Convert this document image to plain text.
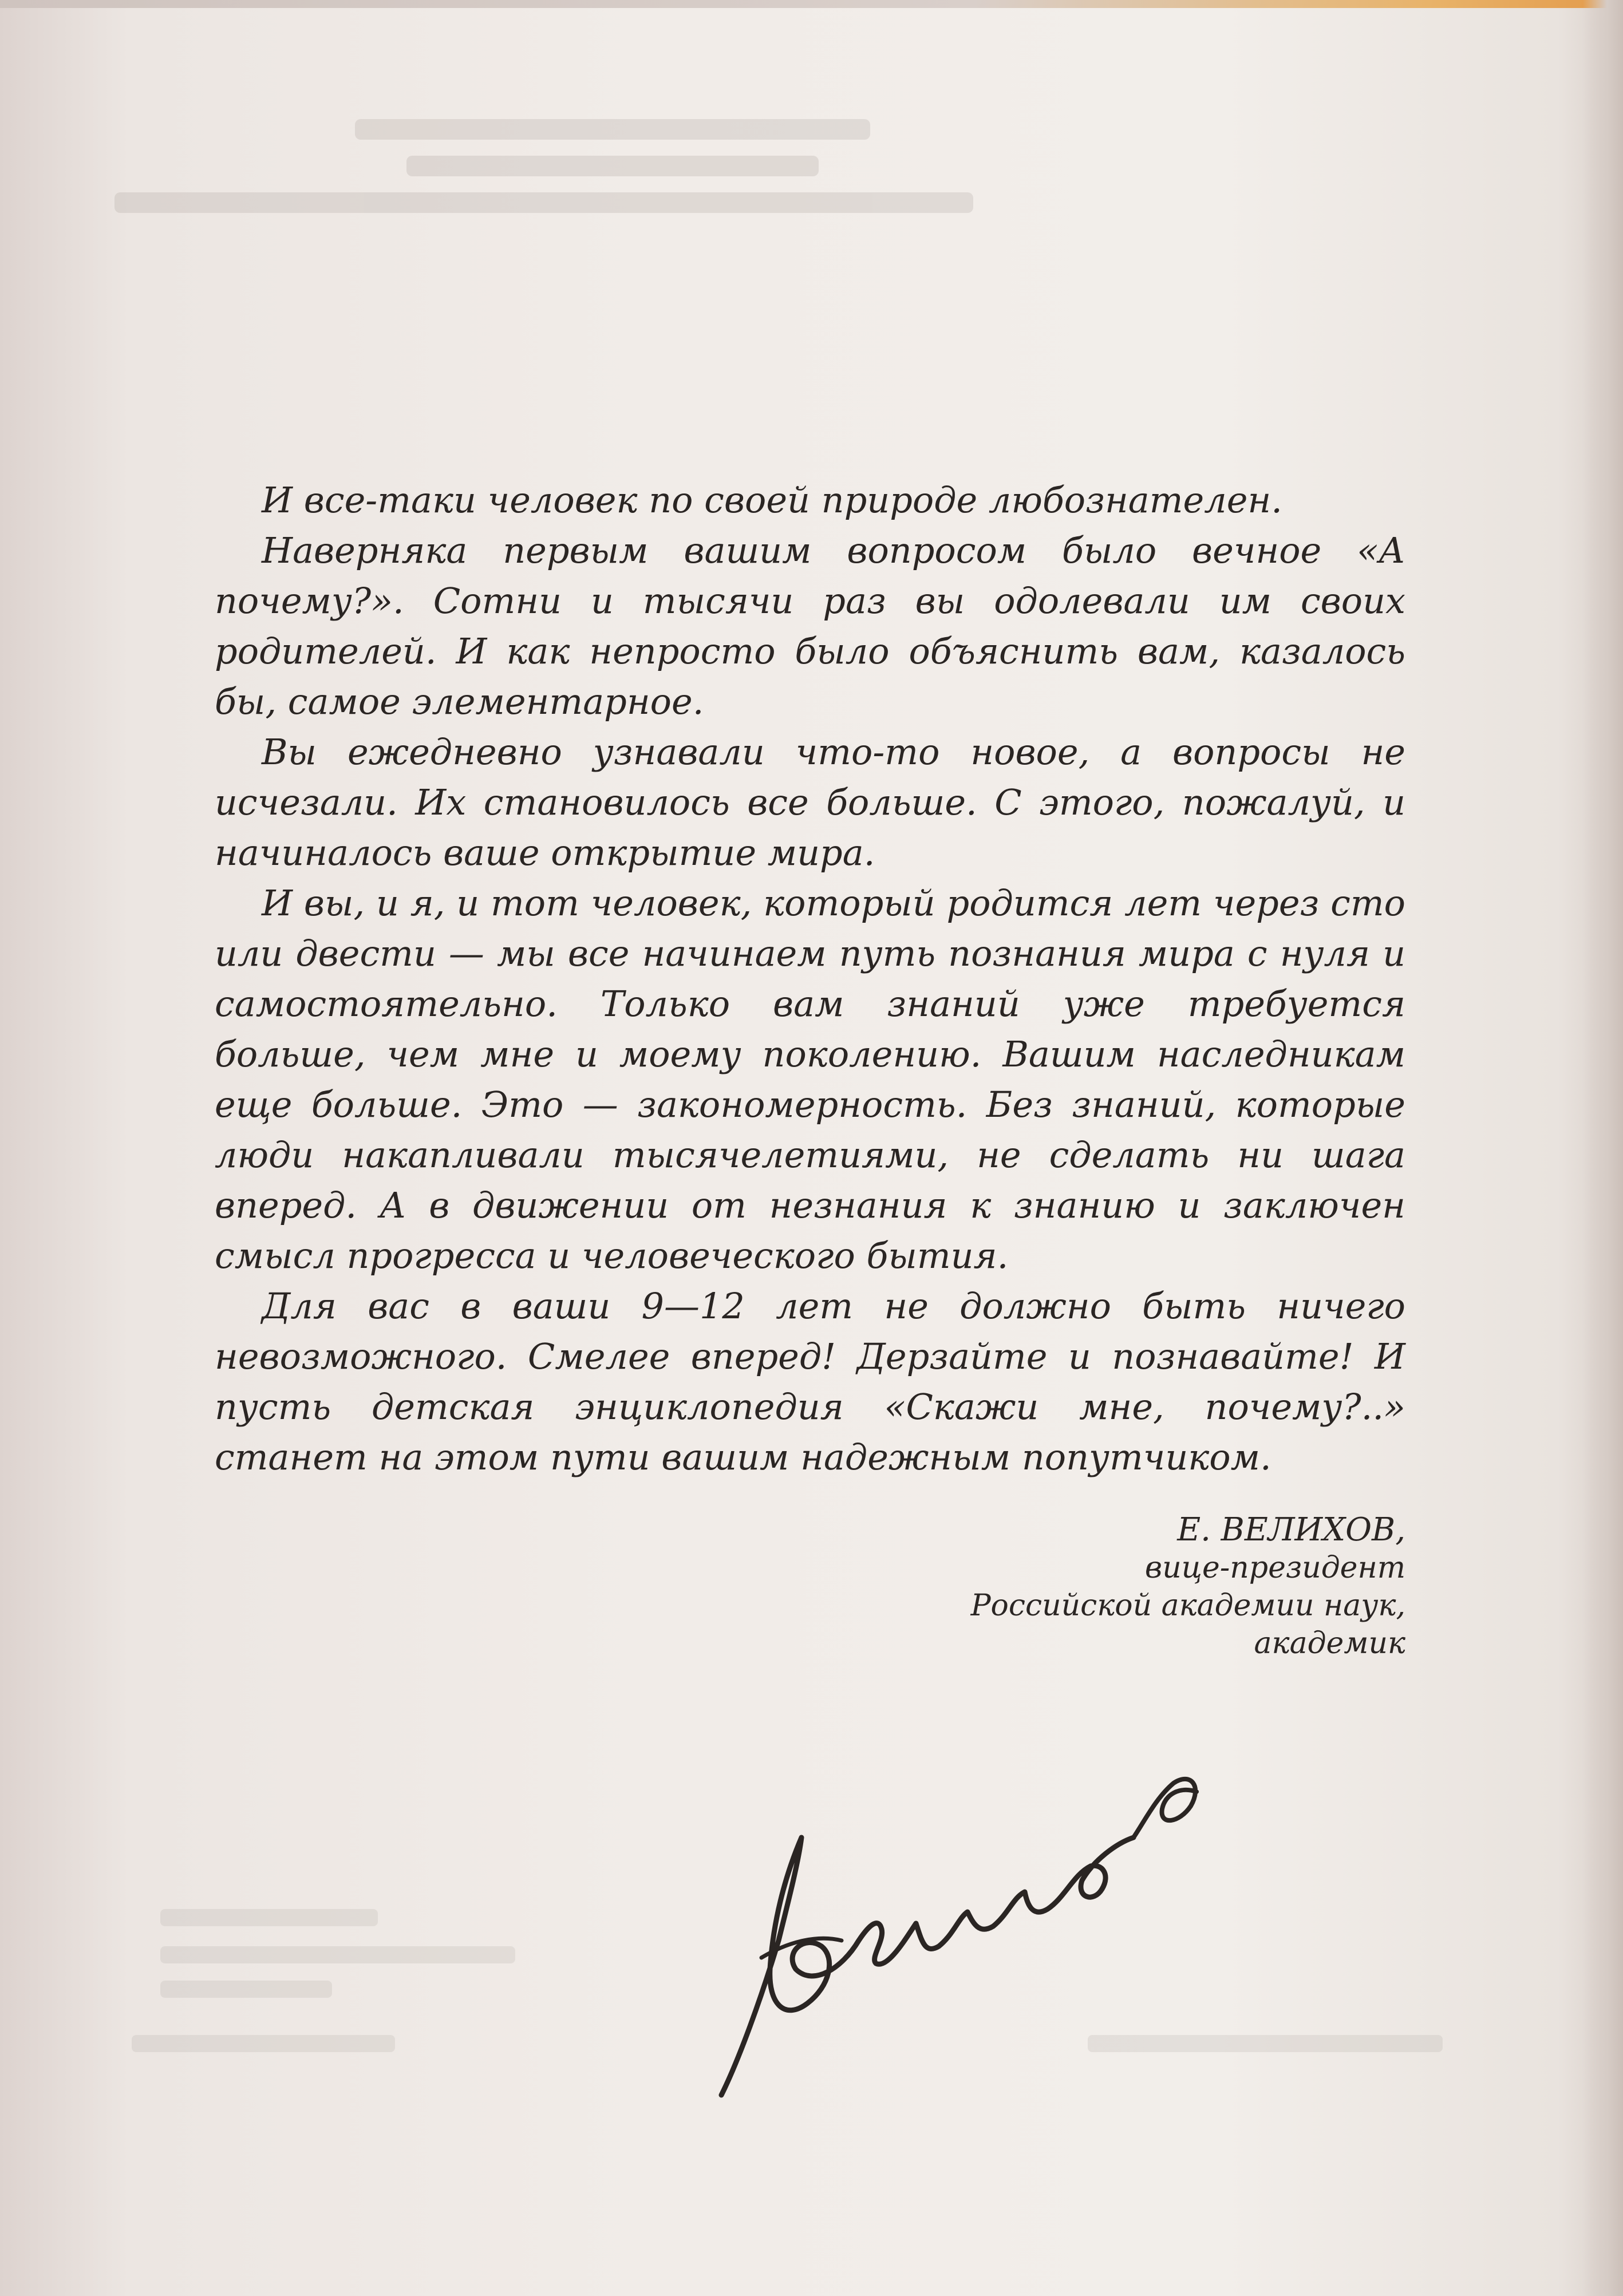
И все-таки человек по своей природе любознателен.

Наверняка первым вашим вопросом было вечное «А почему?». Сотни и тысячи раз вы одолевали им своих родителей. И как непросто было объяснить вам, казалось бы, самое элементарное.

Вы ежедневно узнавали что-то новое, а вопросы не исчезали. Их становилось все больше. С этого, пожалуй, и начиналось ваше открытие мира.

И вы, и я, и тот человек, который родится лет через сто или двести — мы все начинаем путь познания мира с нуля и самостоятельно. Только вам знаний уже требуется больше, чем мне и моему поколению. Вашим наследникам еще больше. Это — закономерность. Без знаний, которые люди накапливали тысячелетиями, не сделать ни шага вперед. А в движении от незнания к знанию и заключен смысл прогресса и человеческого бытия.

Для вас в ваши 9—12 лет не должно быть ничего невозможного. Смелее вперед! Дерзайте и познавайте! И пусть детская энциклопедия «Скажи мне, почему?..» станет на этом пути вашим надежным попутчиком.

Е. ВЕЛИХОВ,
вице-президент
Российской академии наук,
академик
